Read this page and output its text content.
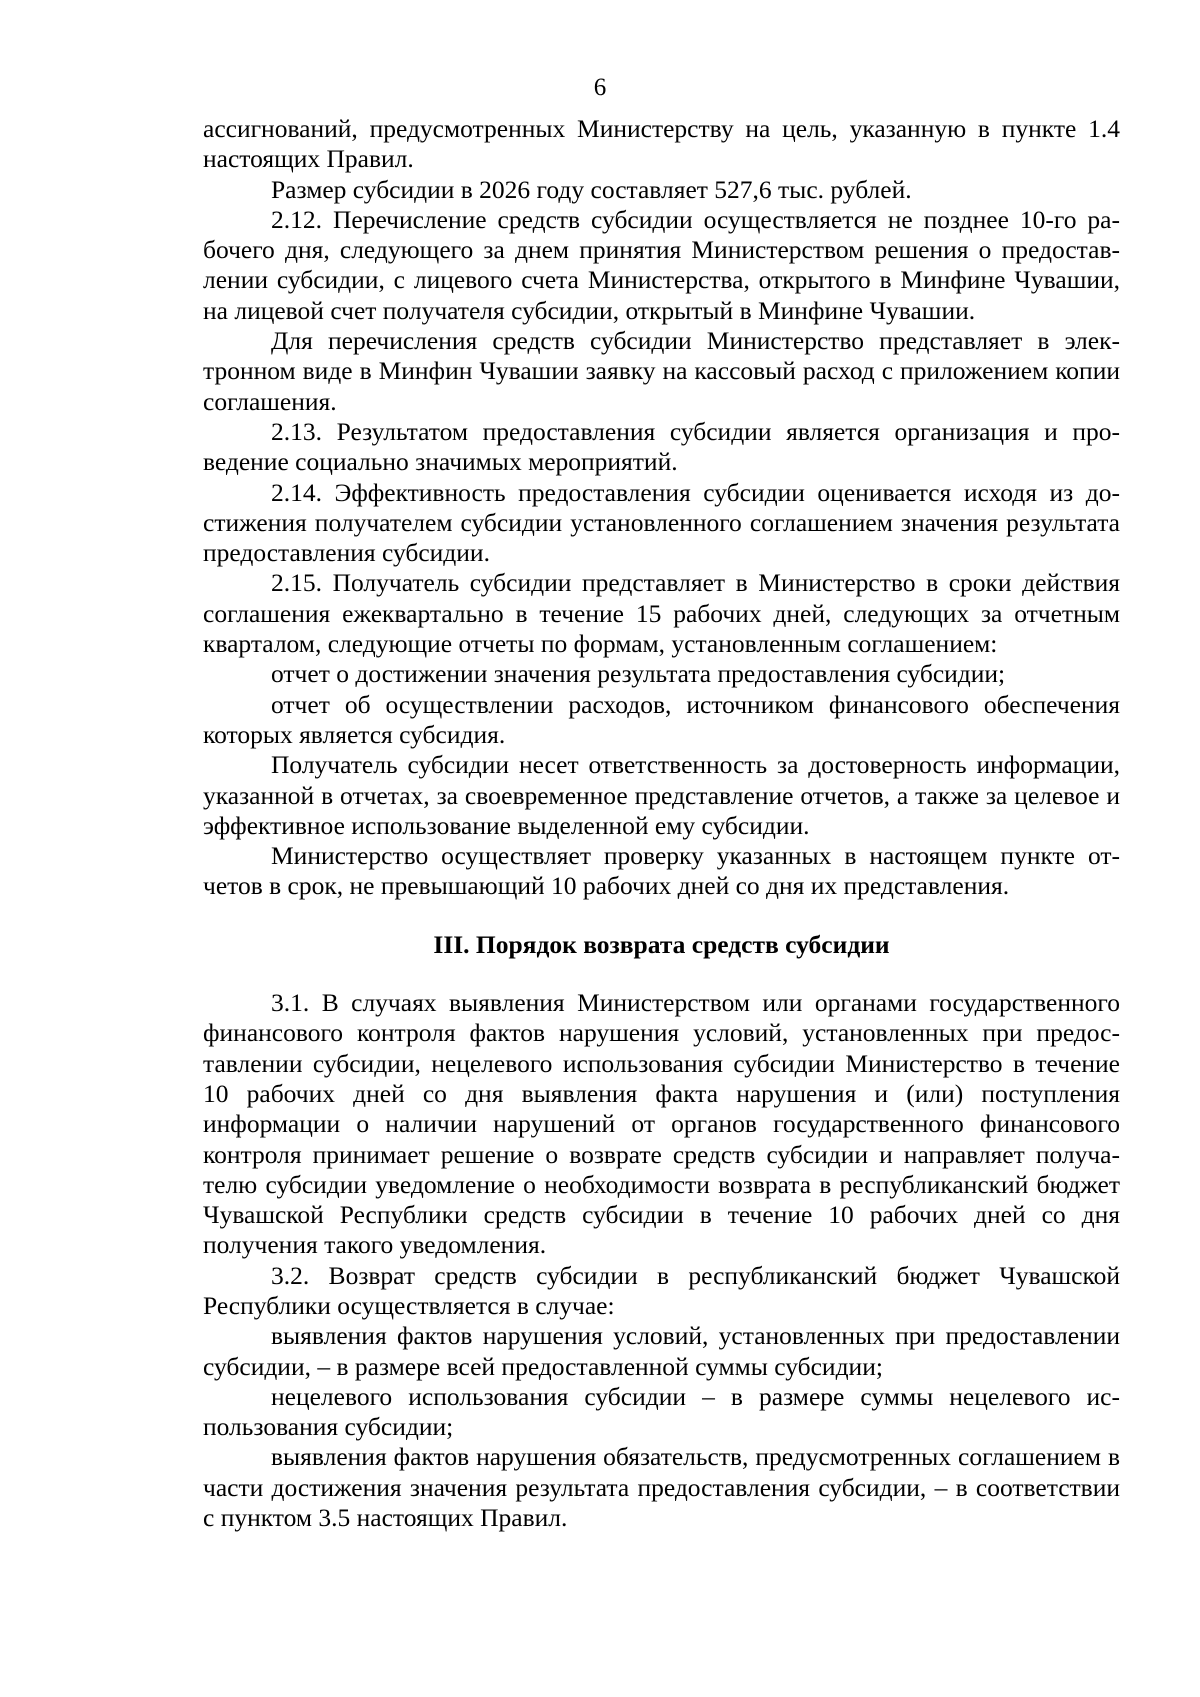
6

ассигнований, предусмотренных Министерству на цель, указанную в пункте 1.4 настоящих Правил.

Размер субсидии в 2026 году составляет 527,6 тыс. рублей.

2.12. Перечисление средств субсидии осуществляется не позднее 10-го рабочего дня, следующего за днем принятия Министерством решения о предоставлении субсидии, с лицевого счета Министерства, открытого в Минфине Чувашии, на лицевой счет получателя субсидии, открытый в Минфине Чувашии.

Для перечисления средств субсидии Министерство представляет в электронном виде в Минфин Чувашии заявку на кассовый расход с приложением копии соглашения.

2.13. Результатом предоставления субсидии является организация и проведение социально значимых мероприятий.

2.14. Эффективность предоставления субсидии оценивается исходя из достижения получателем субсидии установленного соглашением значения результата предоставления субсидии.

2.15. Получатель субсидии представляет в Министерство в сроки действия соглашения ежеквартально в течение 15 рабочих дней, следующих за отчетным кварталом, следующие отчеты по формам, установленным соглашением:

отчет о достижении значения результата предоставления субсидии;

отчет об осуществлении расходов, источником финансового обеспечения которых является субсидия.

Получатель субсидии несет ответственность за достоверность информации, указанной в отчетах, за своевременное представление отчетов, а также за целевое и эффективное использование выделенной ему субсидии.

Министерство осуществляет проверку указанных в настоящем пункте отчетов в срок, не превышающий 10 рабочих дней со дня их представления.

III. Порядок возврата средств субсидии

3.1. В случаях выявления Министерством или органами государственного финансового контроля фактов нарушения условий, установленных при предоставлении субсидии, нецелевого использования субсидии Министерство в течение 10 рабочих дней со дня выявления факта нарушения и (или) поступления информации о наличии нарушений от органов государственного финансового контроля принимает решение о возврате средств субсидии и направляет получателю субсидии уведомление о необходимости возврата в республиканский бюджет Чувашской Республики средств субсидии в течение 10 рабочих дней со дня получения такого уведомления.

3.2. Возврат средств субсидии в республиканский бюджет Чувашской Республики осуществляется в случае:

выявления фактов нарушения условий, установленных при предоставлении субсидии, – в размере всей предоставленной суммы субсидии;

нецелевого использования субсидии – в размере суммы нецелевого использования субсидии;

выявления фактов нарушения обязательств, предусмотренных соглашением в части достижения значения результата предоставления субсидии, – в соответствии с пунктом 3.5 настоящих Правил.
